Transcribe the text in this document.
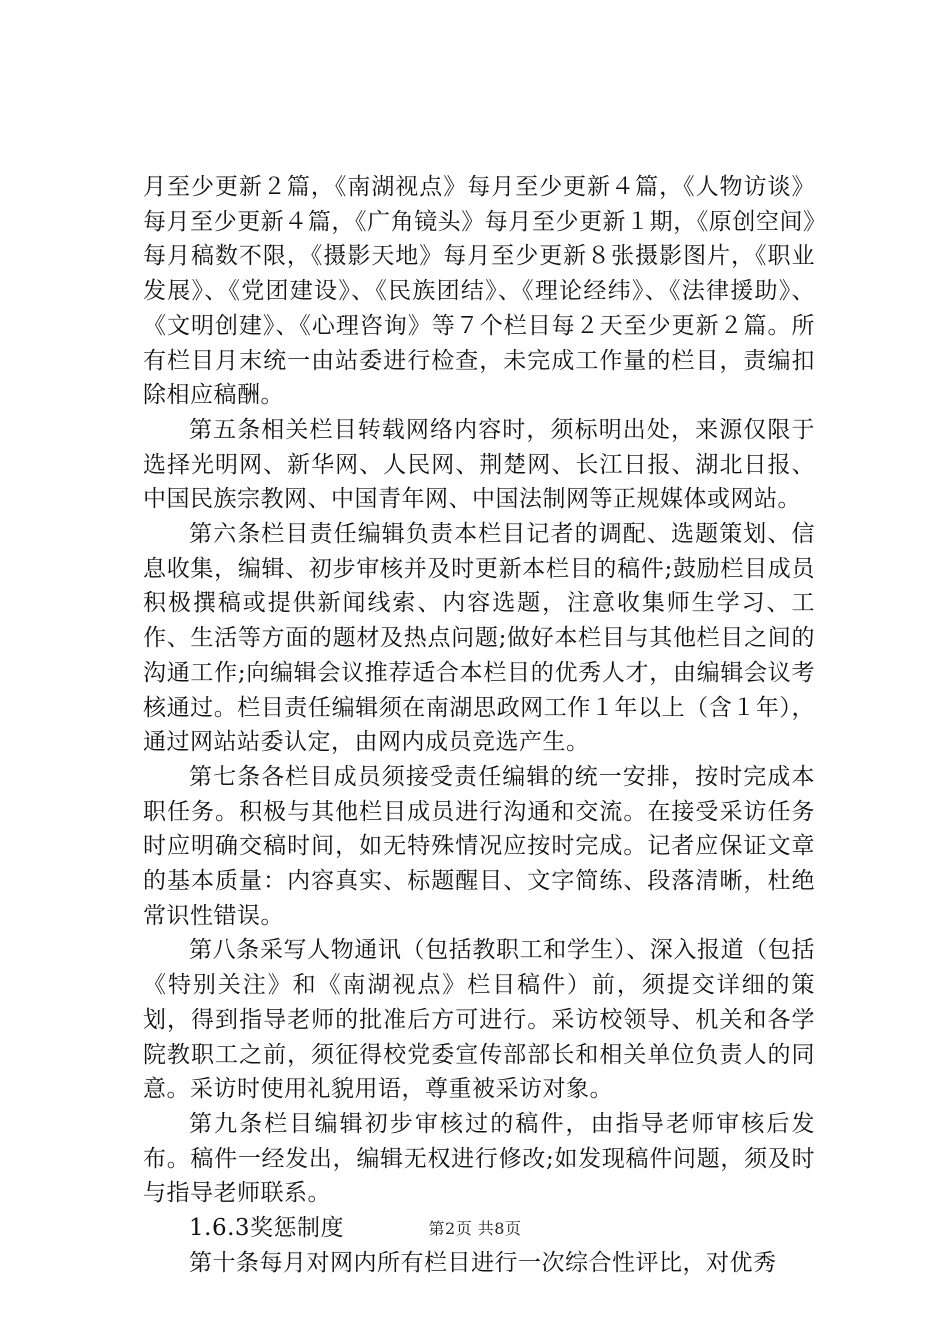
月至少更新２篇，《南湖视点》每月至少更新４篇，《人物访谈》每月至少更新４篇，《广角镜头》每月至少更新１期，《原创空间》每月稿数不限，《摄影天地》每月至少更新８张摄影图片，《职业发展》、《党团建设》、《民族团结》、《理论经纬》、《法律援助》、《文明创建》、《心理咨询》等７个栏目每２天至少更新２篇。所有栏目月末统一由站委进行检查，未完成工作量的栏目，责编扣除相应稿酬。

第五条相关栏目转载网络内容时，须标明出处，来源仅限于选择光明网、新华网、人民网、荆楚网、长江日报、湖北日报、中国民族宗教网、中国青年网、中国法制网等正规媒体或网站。

第六条栏目责任编辑负责本栏目记者的调配、选题策划、信息收集，编辑、初步审核并及时更新本栏目的稿件;鼓励栏目成员积极撰稿或提供新闻线索、内容选题，注意收集师生学习、工作、生活等方面的题材及热点问题;做好本栏目与其他栏目之间的沟通工作;向编辑会议推荐适合本栏目的优秀人才，由编辑会议考核通过。栏目责任编辑须在南湖思政网工作１年以上（含１年），通过网站站委认定，由网内成员竞选产生。

第七条各栏目成员须接受责任编辑的统一安排，按时完成本职任务。积极与其他栏目成员进行沟通和交流。在接受采访任务时应明确交稿时间，如无特殊情况应按时完成。记者应保证文章的基本质量：内容真实、标题醒目、文字简练、段落清晰，杜绝常识性错误。

第八条采写人物通讯（包括教职工和学生）、深入报道（包括《特别关注》和《南湖视点》栏目稿件）前，须提交详细的策划，得到指导老师的批准后方可进行。采访校领导、机关和各学院教职工之前，须征得校党委宣传部部长和相关单位负责人的同意。采访时使用礼貌用语，尊重被采访对象。

第九条栏目编辑初步审核过的稿件，由指导老师审核后发布。稿件一经发出，编辑无权进行修改;如发现稿件问题，须及时与指导老师联系。

1.6.3奖惩制度

第十条每月对网内所有栏目进行一次综合性评比，对优秀

第2页 共8页
